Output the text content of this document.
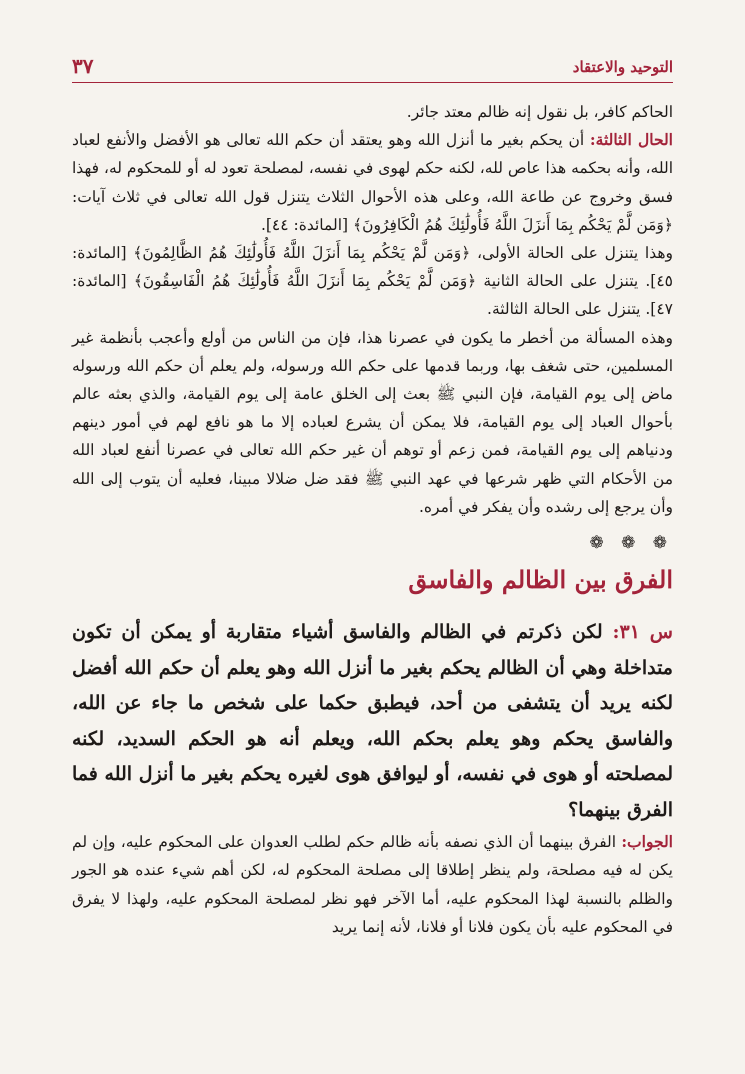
التوحيد والاعتقاد
٣٧

الحاكم كافر، بل نقول إنه ظالم معتد جائر.

الحال الثالثة: أن يحكم بغير ما أنزل الله وهو يعتقد أن حكم الله تعالى هو الأفضل والأنفع لعباد الله، وأنه بحكمه هذا عاص لله، لكنه حكم لهوى في نفسه، لمصلحة تعود له أو للمحكوم له، فهذا فسق وخروج عن طاعة الله، وعلى هذه الأحوال الثلاث يتنزل قول الله تعالى في ثلاث آيات: ﴿وَمَن لَّمْ يَحْكُم بِمَا أَنزَلَ اللَّهُ فَأُولَٰئِكَ هُمُ الْكَافِرُونَ﴾ [المائدة: ٤٤].

وهذا يتنزل على الحالة الأولى، ﴿وَمَن لَّمْ يَحْكُم بِمَا أَنزَلَ اللَّهُ فَأُولَٰئِكَ هُمُ الظَّالِمُونَ﴾ [المائدة: ٤٥]. يتنزل على الحالة الثانية ﴿وَمَن لَّمْ يَحْكُم بِمَا أَنزَلَ اللَّهُ فَأُولَٰئِكَ هُمُ الْفَاسِقُونَ﴾ [المائدة: ٤٧]. يتنزل على الحالة الثالثة.

وهذه المسألة من أخطر ما يكون في عصرنا هذا، فإن من الناس من أولع وأعجب بأنظمة غير المسلمين، حتى شغف بها، وربما قدمها على حكم الله ورسوله، ولم يعلم أن حكم الله ورسوله ماض إلى يوم القيامة، فإن النبي ﷺ بعث إلى الخلق عامة إلى يوم القيامة، والذي بعثه عالم بأحوال العباد إلى يوم القيامة، فلا يمكن أن يشرع لعباده إلا ما هو نافع لهم في أمور دينهم ودنياهم إلى يوم القيامة، فمن زعم أو توهم أن غير حكم الله تعالى في عصرنا أنفع لعباد الله من الأحكام التي ظهر شرعها في عهد النبي ﷺ فقد ضل ضلالا مبينا، فعليه أن يتوب إلى الله وأن يرجع إلى رشده وأن يفكر في أمره.

❁ ❁ ❁
الفرق بين الظالم والفاسق

س ٣١: لكن ذكرتم في الظالم والفاسق أشياء متقاربة أو يمكن أن تكون متداخلة وهي أن الظالم يحكم بغير ما أنزل الله وهو يعلم أن حكم الله أفضل لكنه يريد أن يتشفى من أحد، فيطبق حكما على شخص ما جاء عن الله، والفاسق يحكم وهو يعلم بحكم الله، ويعلم أنه هو الحكم السديد، لكنه لمصلحته أو هوى في نفسه، أو ليوافق هوى لغيره يحكم بغير ما أنزل الله فما الفرق بينهما؟

الجواب: الفرق بينهما أن الذي نصفه بأنه ظالم حكم لطلب العدوان على المحكوم عليه، وإن لم يكن له فيه مصلحة، ولم ينظر إطلاقا إلى مصلحة المحكوم له، لكن أهم شيء عنده هو الجور والظلم بالنسبة لهذا المحكوم عليه، أما الآخر فهو نظر لمصلحة المحكوم عليه، ولهذا لا يفرق في المحكوم عليه بأن يكون فلانا أو فلانا، لأنه إنما يريد
